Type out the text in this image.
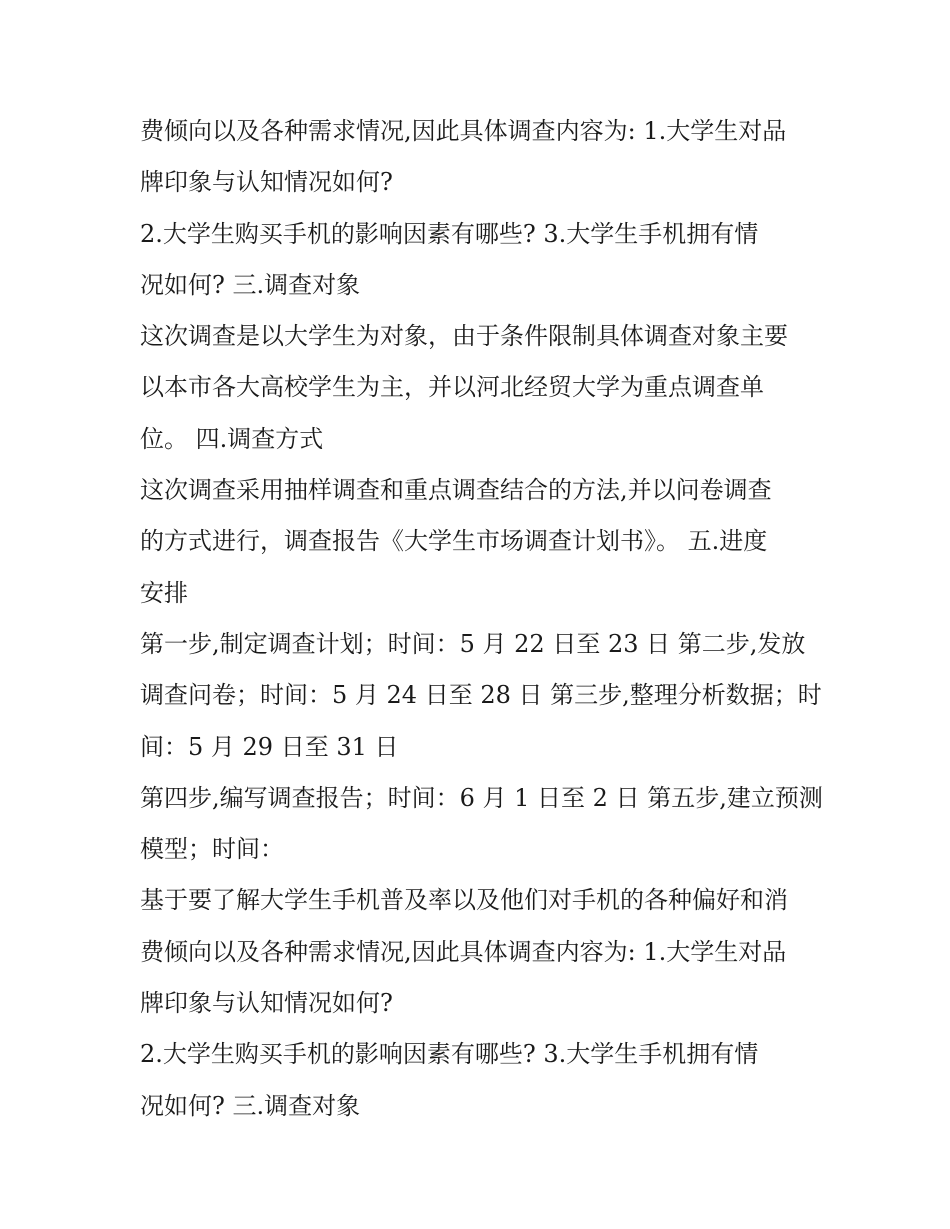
费倾向以及各种需求情况,因此具体调查内容为: 1.大学生对品
牌印象与认知情况如何?
2.大学生购买手机的影响因素有哪些? 3.大学生手机拥有情
况如何? 三.调查对象
这次调查是以大学生为对象，由于条件限制具体调查对象主要
以本市各大高校学生为主，并以河北经贸大学为重点调查单
位。 四.调查方式
这次调查采用抽样调查和重点调查结合的方法,并以问卷调查
的方式进行，调查报告《大学生市场调查计划书》。 五.进度
安排
第一步,制定调查计划；时间：5 月 22 日至 23 日 第二步,发放
调查问卷；时间：5 月 24 日至 28 日 第三步,整理分析数据；时
间：5 月 29 日至 31 日
第四步,编写调查报告；时间：6 月 1 日至 2 日 第五步,建立预测
模型；时间：
基于要了解大学生手机普及率以及他们对手机的各种偏好和消
费倾向以及各种需求情况,因此具体调查内容为: 1.大学生对品
牌印象与认知情况如何?
2.大学生购买手机的影响因素有哪些? 3.大学生手机拥有情
况如何? 三.调查对象
